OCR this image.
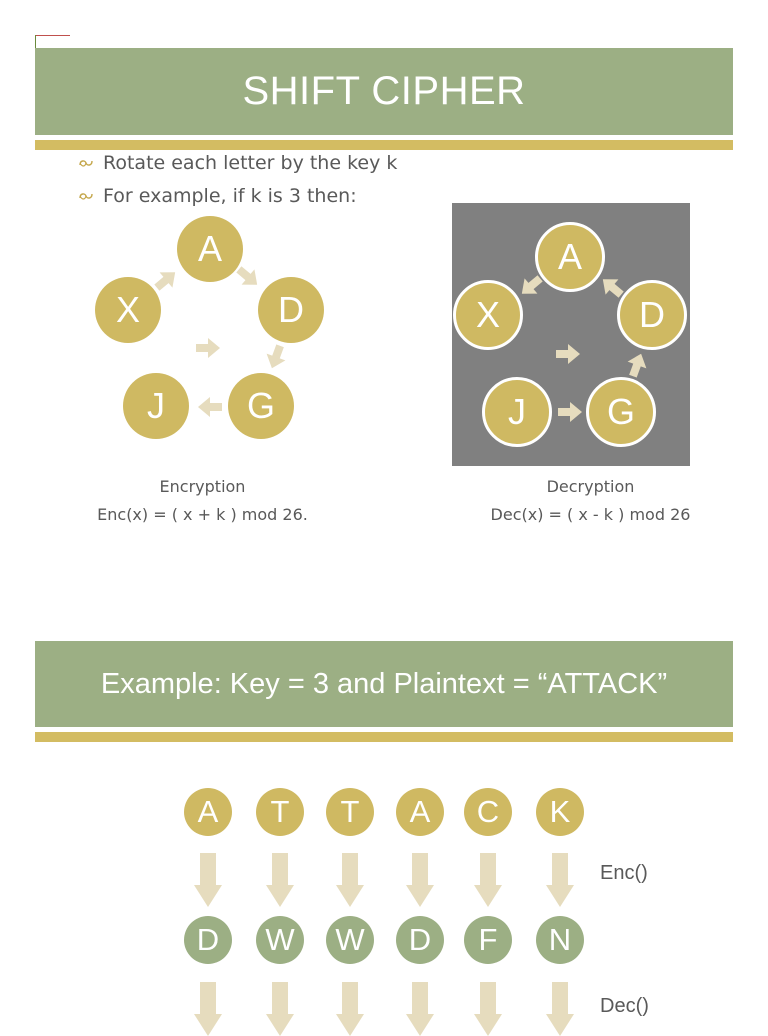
SHIFT CIPHER
Rotate each letter by the key k
For example, if k is 3 then:
A
D
G
J
X
A
D
G
J
X
Encryption
Enc(x) = ( x + k ) mod 26.
Decryption
Dec(x) = ( x - k ) mod 26
Example: Key = 3 and Plaintext = “ATTACK”
A	T	T	A	C	K
Enc()
D	W	W	D	F	N
Dec()
